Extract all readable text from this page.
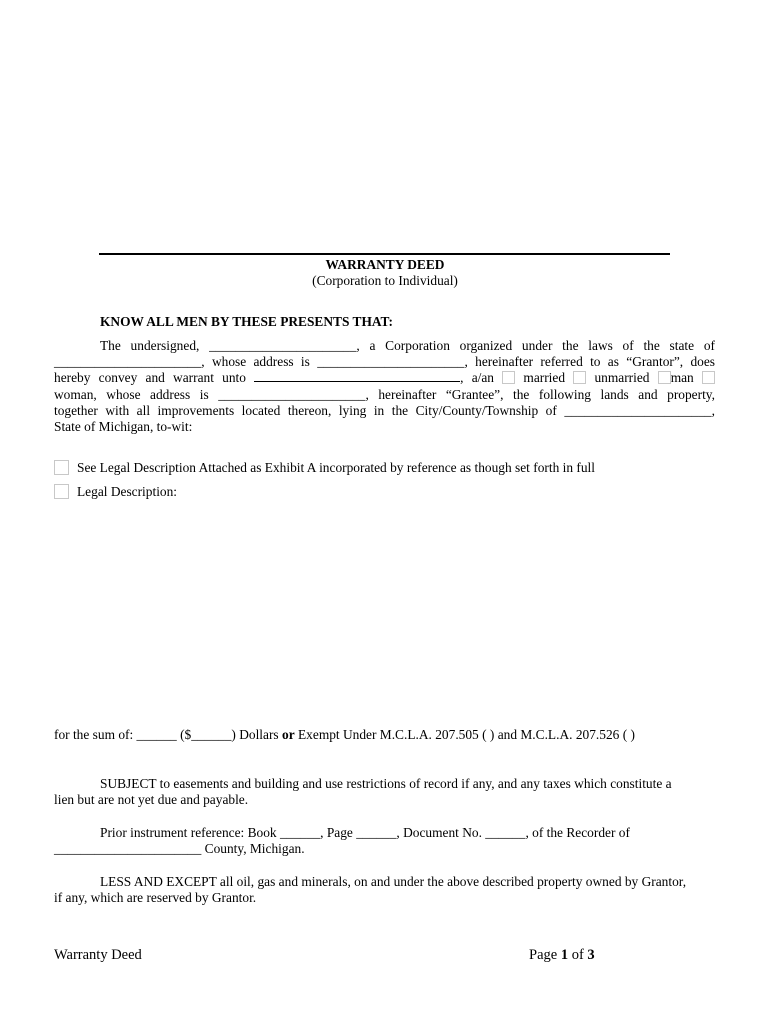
WARRANTY DEED
(Corporation to Individual)
KNOW ALL MEN BY THESE PRESENTS THAT:
The undersigned, ______________________, a Corporation organized under the laws of the state of
______________________, whose address is ______________________, hereinafter referred to as “Grantor”, does
hereby convey and warrant unto	, a/an married unmarried man
woman, whose address is ______________________, hereinafter “Grantee”, the following lands and property,
together with all improvements located thereon, lying in the City/County/Township of ______________________,
State of Michigan, to-wit:
See Legal Description Attached as Exhibit A incorporated by reference as though set forth in full
Legal Description:
for the sum of: ______ ($______) Dollars or Exempt Under M.C.L.A. 207.505 ( ) and M.C.L.A. 207.526 ( )
SUBJECT to easements and building and use restrictions of record if any, and any taxes which constitute a
lien but are not yet due and payable.
Prior instrument reference: Book ______, Page ______, Document No. ______, of the Recorder of
______________________ County, Michigan.
LESS AND EXCEPT all oil, gas and minerals, on and under the above described property owned by Grantor,
if any, which are reserved by Grantor.
Warranty Deed	Page 1 of 3
